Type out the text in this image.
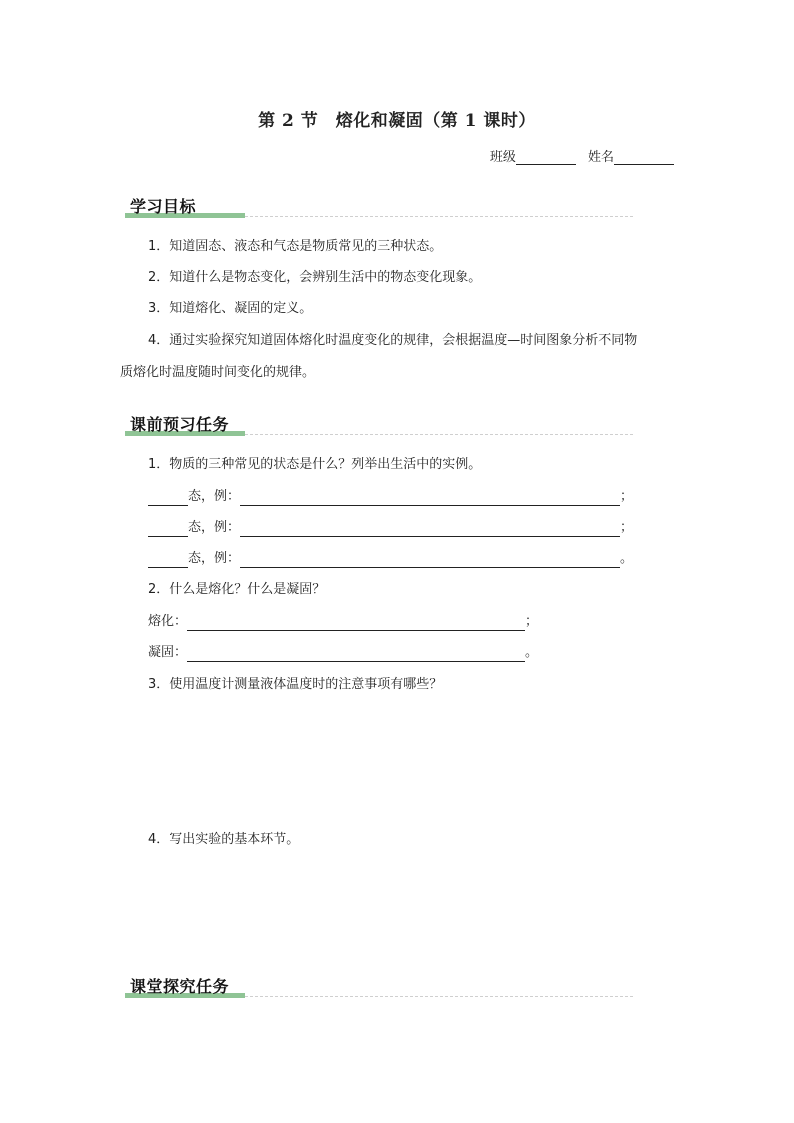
第 2 节　熔化和凝固（第 1 课时）
班级	姓名
学习目标
1．知道固态、液态和气态是物质常见的三种状态。
2．知道什么是物态变化，会辨别生活中的物态变化现象。
3．知道熔化、凝固的定义。
4．通过实验探究知道固体熔化时温度变化的规律，会根据温度—时间图象分析不同物
质熔化时温度随时间变化的规律。
课前预习任务
1．物质的三种常见的状态是什么？列举出生活中的实例。
态，例：	；
态，例：	；
态，例：	。
2．什么是熔化？什么是凝固？
熔化：	；
凝固：	。
3．使用温度计测量液体温度时的注意事项有哪些？
4．写出实验的基本环节。
课堂探究任务
